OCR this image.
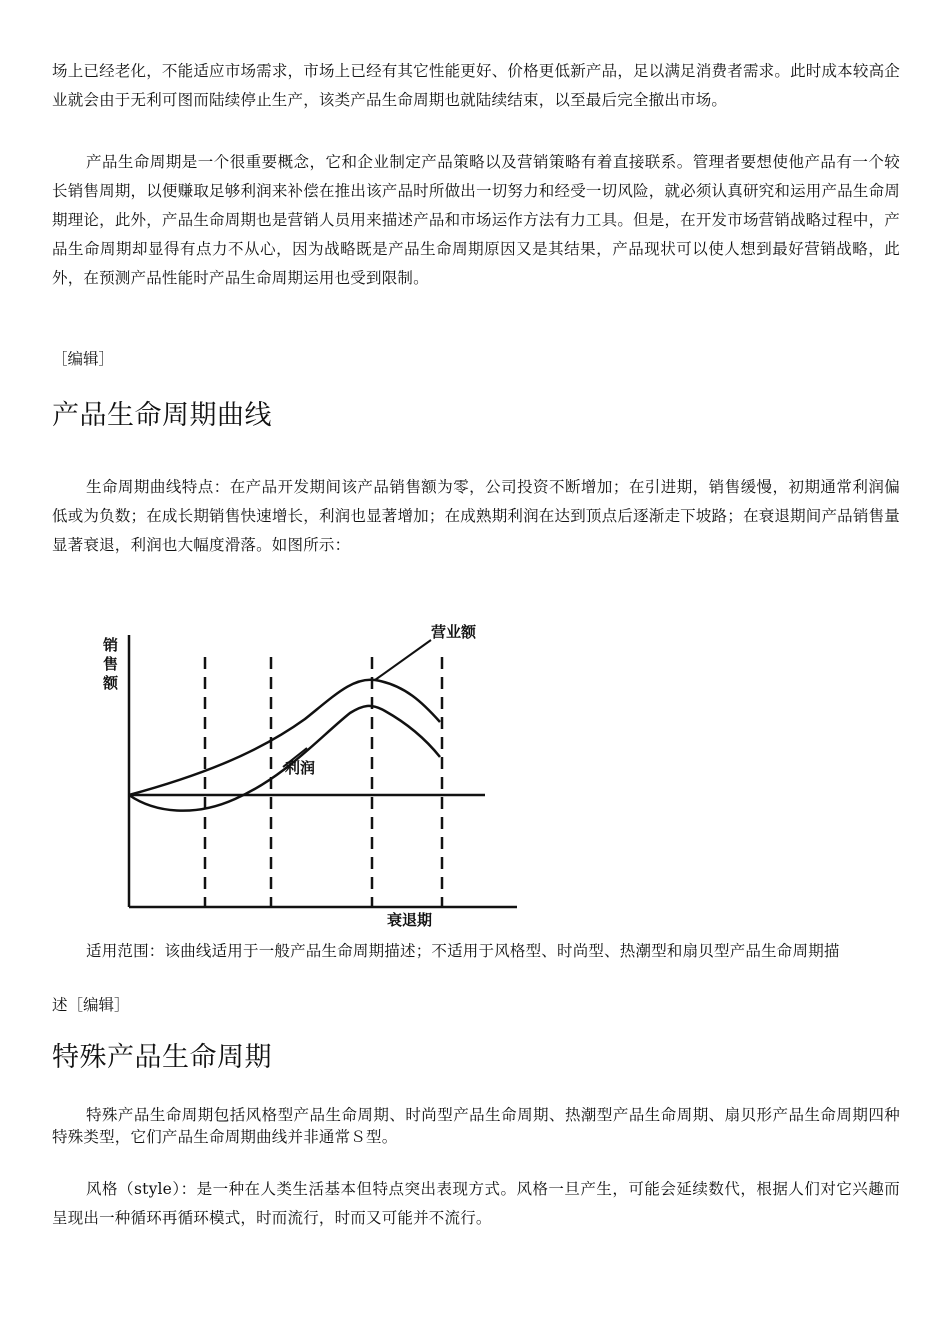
场上已经老化，不能适应市场需求，市场上已经有其它性能更好、价格更低新产品，足以满足消费者需求。此时成本较高企业就会由于无利可图而陆续停止生产，该类产品生命周期也就陆续结束，以至最后完全撤出市场。

产品生命周期是一个很重要概念，它和企业制定产品策略以及营销策略有着直接联系。管理者要想使他产品有一个较长销售周期，以便赚取足够利润来补偿在推出该产品时所做出一切努力和经受一切风险，就必须认真研究和运用产品生命周期理论，此外，产品生命周期也是营销人员用来描述产品和市场运作方法有力工具。但是，在开发市场营销战略过程中，产品生命周期却显得有点力不从心，因为战略既是产品生命周期原因又是其结果，产品现状可以使人想到最好营销战略，此外，在预测产品性能时产品生命周期运用也受到限制。

［编辑］
产品生命周期曲线

生命周期曲线特点：在产品开发期间该产品销售额为零，公司投资不断增加；在引进期，销售缓慢，初期通常利润偏低或为负数；在成长期销售快速增长，利润也显著增加；在成熟期利润在达到顶点后逐渐走下坡路；在衰退期间产品销售量显著衰退，利润也大幅度滑落。如图所示：

销
售
额
营业额
利润
衰退期

适用范围：该曲线适用于一般产品生命周期描述；不适用于风格型、时尚型、热潮型和扇贝型产品生命周期描

述［编辑］
特殊产品生命周期

特殊产品生命周期包括风格型产品生命周期、时尚型产品生命周期、热潮型产品生命周期、扇贝形产品生命周期四种特殊类型，它们产品生命周期曲线并非通常Ｓ型。

风格（style）：是一种在人类生活基本但特点突出表现方式。风格一旦产生，可能会延续数代，根据人们对它兴趣而呈现出一种循环再循环模式，时而流行，时而又可能并不流行。
